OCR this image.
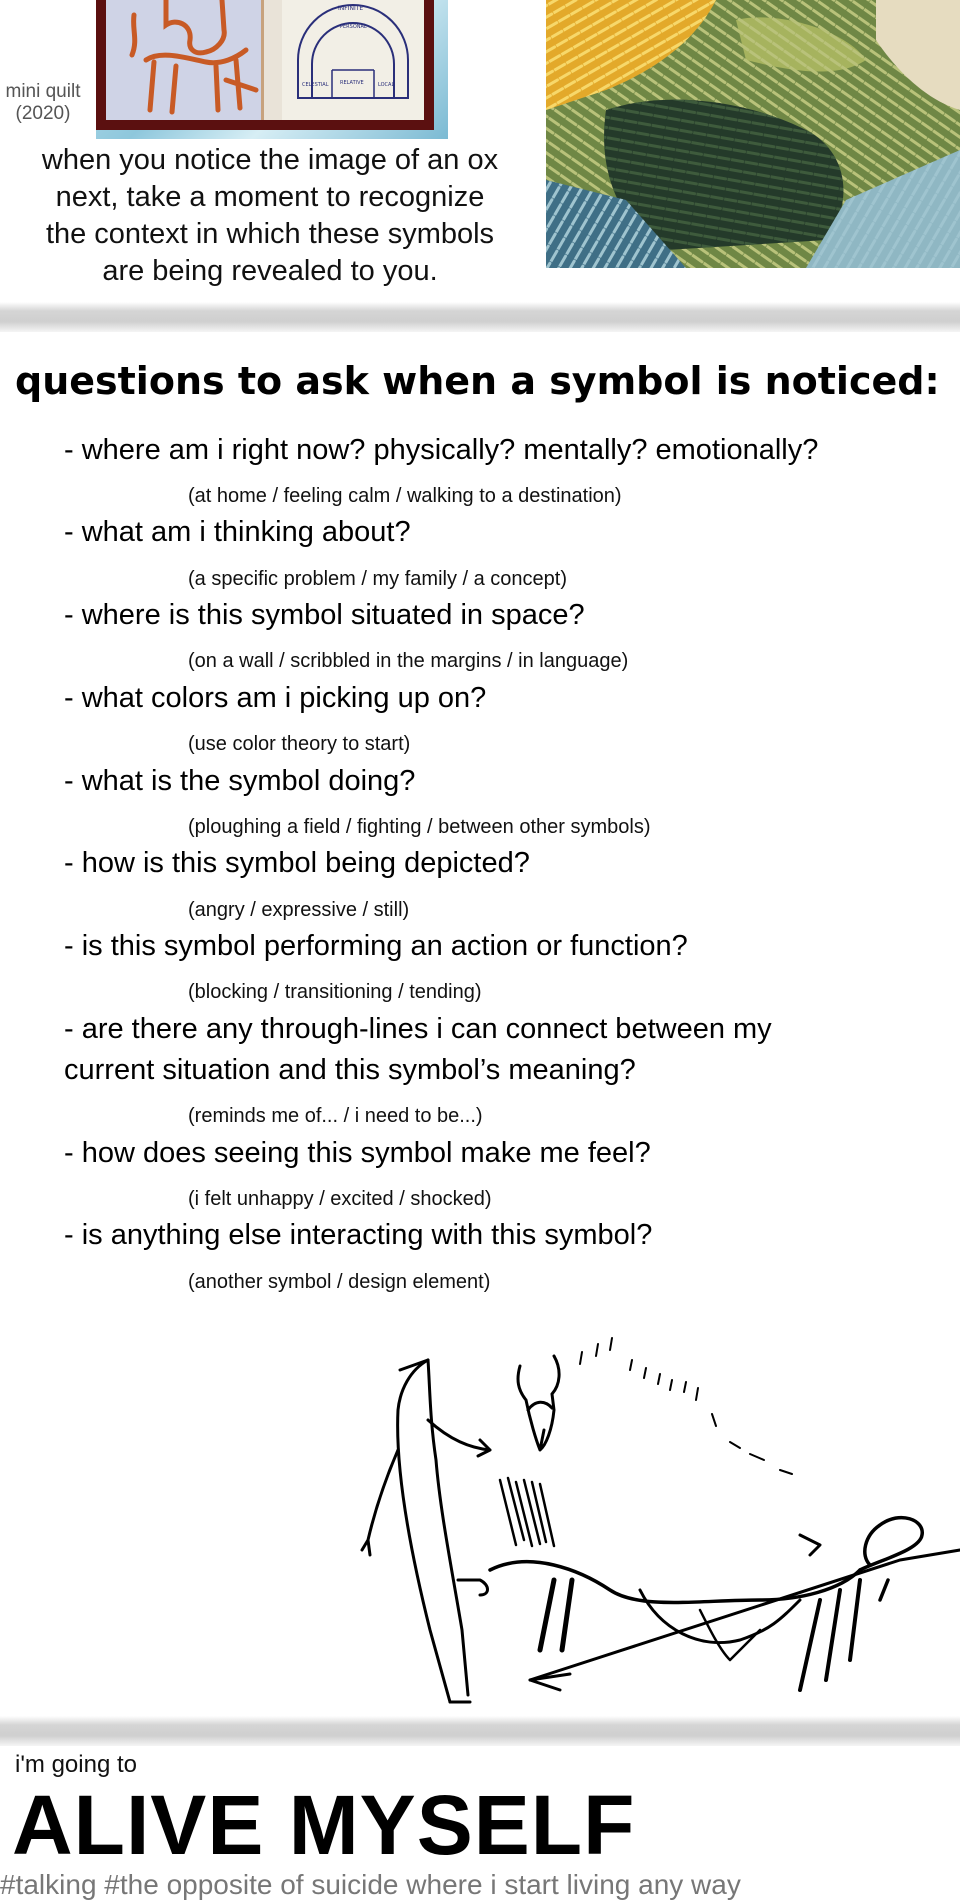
INFINITE
PERSONAL
CELESTIAL	LOCAL
RELATIVE
mini quilt
(2020)
when you notice the image of an ox
next, take a moment to recognize
the context in which these symbols
are being revealed to you.
questions to ask when a symbol is noticed:
- where am i right now? physically? mentally? emotionally?
(at home / feeling calm / walking to a destination)
- what am i thinking about?
(a specific problem / my family / a concept)
- where is this symbol situated in space?
(on a wall / scribbled in the margins / in language)
- what colors am i picking up on?
(use color theory to start)
- what is the symbol doing?
(ploughing a field / fighting / between other symbols)
- how is this symbol being depicted?
(angry / expressive / still)
- is this symbol performing an action or function?
(blocking / transitioning / tending)
- are there any through-lines i can connect between my
current situation and this symbol’s meaning?
(reminds me of... / i need to be...)
- how does seeing this symbol make me feel?
(i felt unhappy / excited / shocked)
- is anything else interacting with this symbol?
(another symbol / design element)
i'm going to
ALIVE MYSELF
#talking #the opposite of suicide where i start living any way
